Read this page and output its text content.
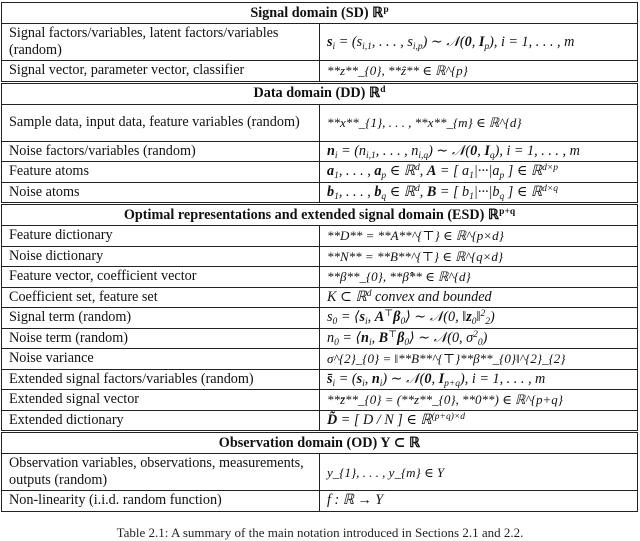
Signal domain (SD) ℝ$^p$
Signal factors/variables, latent factors/variables (random)	$s_i = (s_{i,1}$, . . . , $s_{i,p}$) ∼ 𝒩(0, $I_p$), i = 1, . . . , m
Signal vector, parameter vector, classifier	**z**_{0}, **ẑ** ∈ ℝ^{p}
Data domain (DD) ℝ$^d$
Sample data, input data, feature variables (random)	**x**_{1}, . . . , **x**_{m} ∈ ℝ^{d}
Noise factors/variables (random)	$n_i = (n_{i,1}$, . . . , $n_{i,q}$) ∼ 𝒩(0, $I_q$), i = 1, . . . , m
Feature atoms	$a_1$, . . . , $a_p$ ∈ ℝ$^d$, A = [ $a_1|\cdot\cdot\cdot|a_p$ ] ∈ ℝ$^{d\times p}$
Noise atoms	$b_1$, . . . , $b_q$ ∈ ℝ$^d$, B = [ $b_1|\cdot\cdot\cdot|b_q$ ] ∈ ℝ$^{d\times q}$
Optimal representations and extended signal domain (ESD) ℝ$^{p+q}$
Feature dictionary	**D** = **A**^{⊤} ∈ ℝ^{p×d}
Noise dictionary	**N** = **B**^{⊤} ∈ ℝ^{q×d}
Feature vector, coefficient vector	**β**_{0}, **β̂** ∈ ℝ^{d}
Coefficient set, feature set	K ⊂ ℝ$^d$ convex and bounded
Signal term (random)	$s_0$ = $⟨s_i$, $A^⊤\beta_0⟩$ ∼ 𝒩(0, $‖z_0‖^2_2$)
Noise term (random)	$n_0$ = $⟨n_i$, $B^⊤\beta_0⟩$ ∼ 𝒩(0, $\sigma^2_0$)
Noise variance	σ^{2}_{0} = ‖**B**^{⊤}**β**_{0}‖^{2}_{2}
Extended signal factors/variables (random)	$s̄_i = (s_i$, $n_i$) ∼ 𝒩(0, $I_{p+q}$), i = 1, . . . , m
Extended signal vector	**z̄**_{0} = (**z**_{0}, **0**) ∈ ℝ^{p+q}
Extended dictionary	D̃ = [ D / N ] ∈ ℝ$^{(p+q)\times d}$
Observation domain (OD) Y ⊂ ℝ	
Observation variables, observations, measurements, outputs (random)	y_{1}, . . . , y_{m} ∈ Y
Non-linearity (i.i.d. random function)	f : ℝ → Y
Table 2.1: A summary of the main notation introduced in Sections 2.1 and 2.2.
